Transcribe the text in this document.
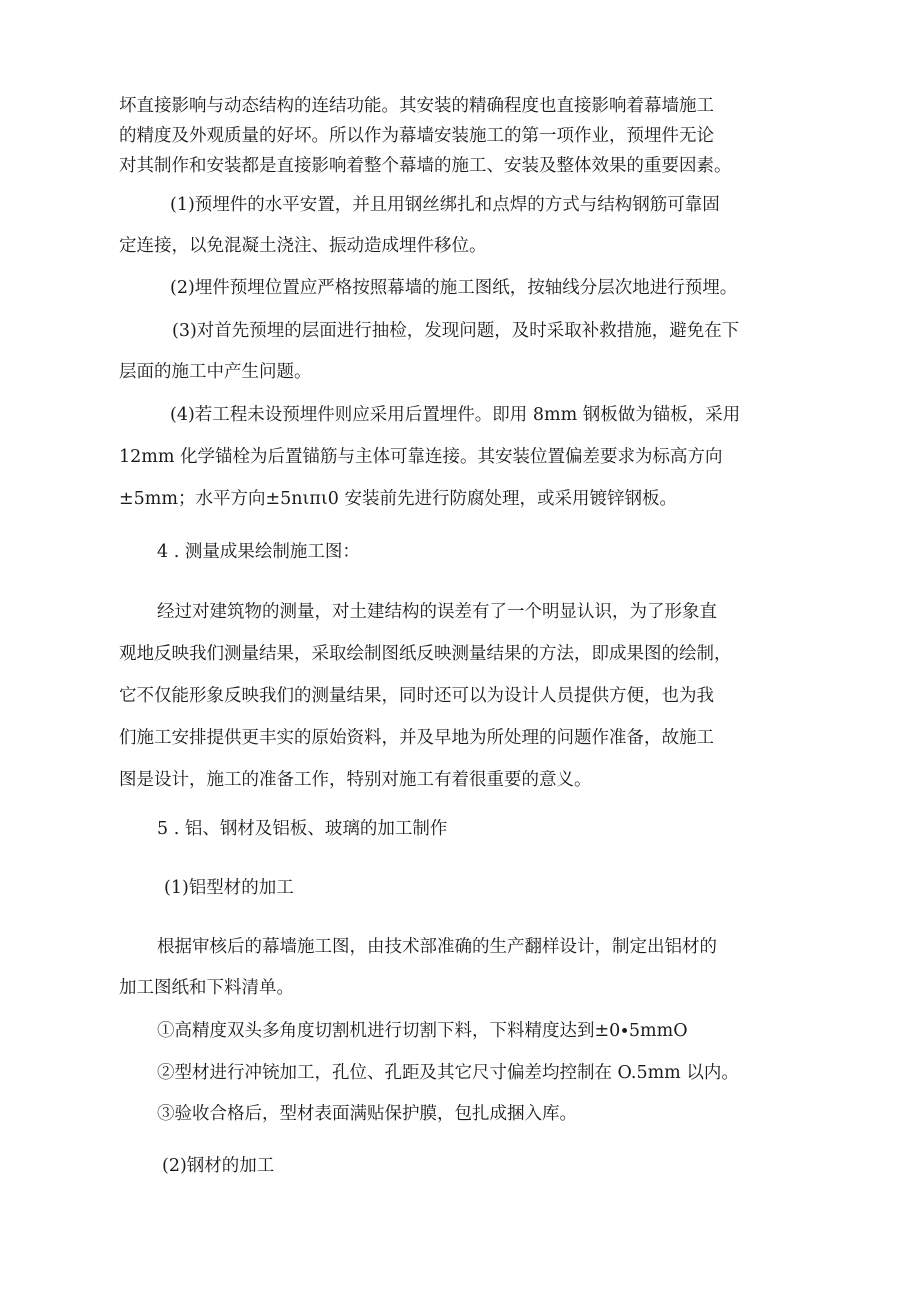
坏直接影响与动态结构的连结功能。其安装的精确程度也直接影响着幕墙施工
的精度及外观质量的好坏。所以作为幕墙安装施工的第一项作业，预埋件无论
对其制作和安装都是直接影响着整个幕墙的施工、安装及整体效果的重要因素。
(1)预埋件的水平安置，并且用钢丝绑扎和点焊的方式与结构钢筋可靠固
定连接，以免混凝土浇注、振动造成埋件移位。
(2)埋件预埋位置应严格按照幕墙的施工图纸，按轴线分层次地进行预埋。
(3)对首先预埋的层面进行抽检，发现问题，及时采取补救措施，避免在下
层面的施工中产生问题。
(4)若工程未设预埋件则应采用后置埋件。即用 8mm 钢板做为锚板，采用
12mm 化学锚栓为后置锚筋与主体可靠连接。其安装位置偏差要求为标高方向
±5mm；水平方向±5nιπι0 安装前先进行防腐处理，或采用镀锌钢板。
4 . 测量成果绘制施工图：
经过对建筑物的测量，对土建结构的误差有了一个明显认识，为了形象直
观地反映我们测量结果，采取绘制图纸反映测量结果的方法，即成果图的绘制，
它不仅能形象反映我们的测量结果，同时还可以为设计人员提供方便，也为我
们施工安排提供更丰实的原始资料，并及早地为所处理的问题作准备，故施工
图是设计，施工的准备工作，特别对施工有着很重要的意义。
5 . 铝、钢材及铝板、玻璃的加工制作
(1)铝型材的加工
根据审核后的幕墙施工图，由技术部准确的生产翻样设计，制定出铝材的
加工图纸和下料清单。
①高精度双头多角度切割机进行切割下料，下料精度达到±0∙5mmO
②型材进行冲铳加工，孔位、孔距及其它尺寸偏差均控制在 O.5mm 以内。
③验收合格后，型材表面满贴保护膜，包扎成捆入库。
(2)钢材的加工
